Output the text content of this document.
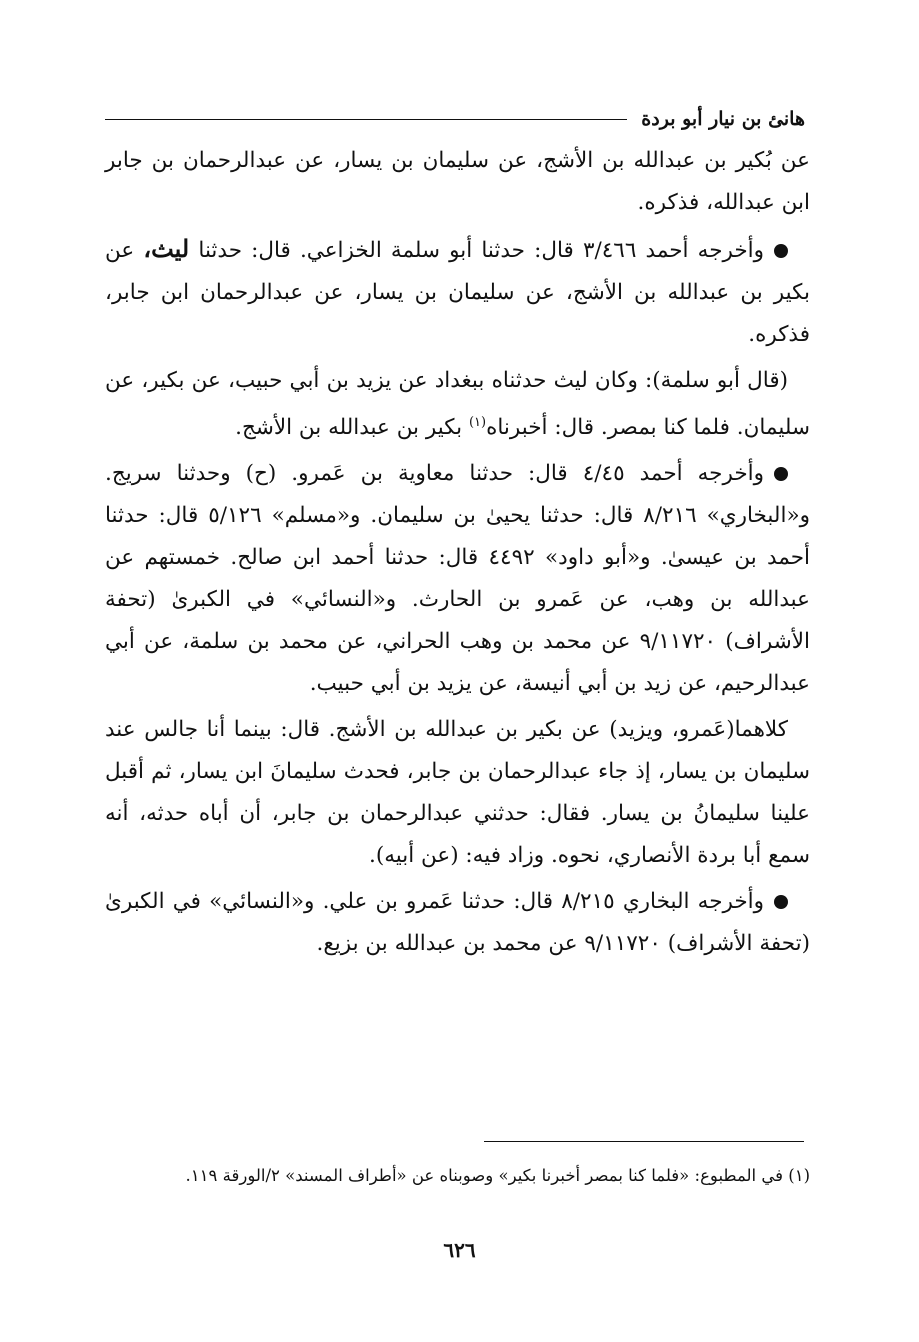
هانئ بن نيار أبو بردة

عن بُكير بن عبدالله بن الأشج، عن سليمان بن يسار، عن عبدالرحمان بن جابر ابن عبدالله، فذكره.

وأخرجه أحمد ٣/٤٦٦ قال: حدثنا أبو سلمة الخزاعي. قال: حدثنا ليث، عن بكير بن عبدالله بن الأشج، عن سليمان بن يسار، عن عبدالرحمان ابن جابر، فذكره.

(قال أبو سلمة): وكان ليث حدثناه ببغداد عن يزيد بن أبي حبيب، عن بكير، عن سليمان. فلما كنا بمصر. قال: أخبرناه$^{(١)}$ بكير بن عبدالله بن الأشج.

وأخرجه أحمد ٤/٤٥ قال: حدثنا معاوية بن عَمرو. (ح) وحدثنا سريج. و«البخاري» ٨/٢١٦ قال: حدثنا يحيىٰ بن سليمان. و«مسلم» ٥/١٢٦ قال: حدثنا أحمد بن عيسىٰ. و«أبو داود» ٤٤٩٢ قال: حدثنا أحمد ابن صالح. خمستهم عن عبدالله بن وهب، عن عَمرو بن الحارث. و«النسائي» في الكبرىٰ (تحفة الأشراف) ٩/١١٧٢٠ عن محمد بن وهب الحراني، عن محمد بن سلمة، عن أبي عبدالرحيم، عن زيد بن أبي أنيسة، عن يزيد بن أبي حبيب.

كلاهما(عَمرو، ويزيد) عن بكير بن عبدالله بن الأشج. قال: بينما أنا جالس عند سليمان بن يسار، إذ جاء عبدالرحمان بن جابر، فحدث سليمانَ ابن يسار، ثم أقبل علينا سليمانُ بن يسار. فقال: حدثني عبدالرحمان بن جابر، أن أباه حدثه، أنه سمع أبا بردة الأنصاري، نحوه. وزاد فيه: (عن أبيه).

وأخرجه البخاري ٨/٢١٥ قال: حدثنا عَمرو بن علي. و«النسائي» في الكبرىٰ (تحفة الأشراف) ٩/١١٧٢٠ عن محمد بن عبدالله بن بزيع.

(١) في المطبوع: «فلما كنا بمصر أخبرنا بكير» وصوبناه عن «أطراف المسند» ٢/الورقة ١١٩.

٦٢٦
